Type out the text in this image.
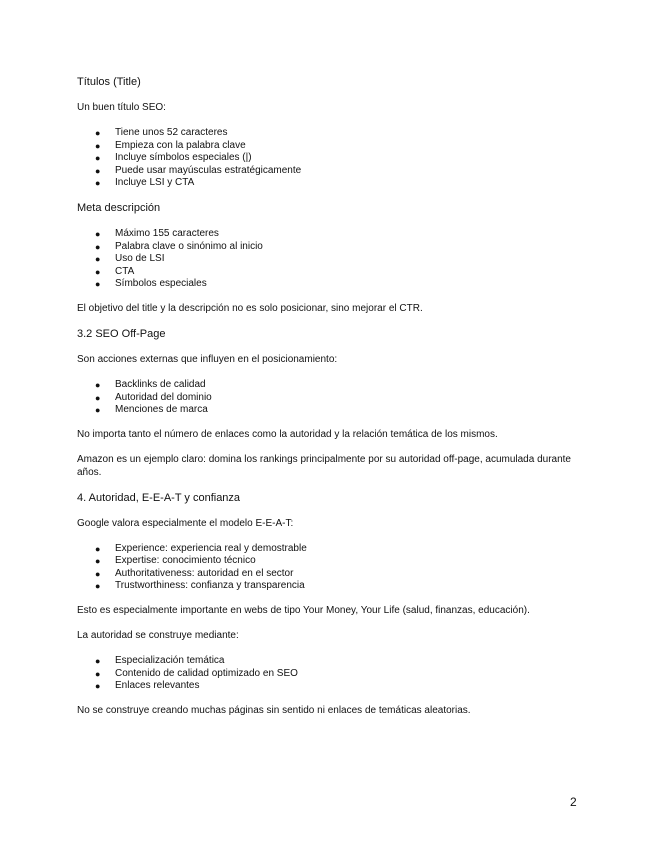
Títulos (Title)
Un buen título SEO:
● Tiene unos 52 caracteres
● Empieza con la palabra clave
● Incluye símbolos especiales (|)
● Puede usar mayúsculas estratégicamente
● Incluye LSI y CTA
Meta descripción
● Máximo 155 caracteres
● Palabra clave o sinónimo al inicio
● Uso de LSI
● CTA
● Símbolos especiales
El objetivo del title y la descripción no es solo posicionar, sino mejorar el CTR.
3.2 SEO Off-Page
Son acciones externas que influyen en el posicionamiento:
● Backlinks de calidad
● Autoridad del dominio
● Menciones de marca
No importa tanto el número de enlaces como la autoridad y la relación temática de los mismos.
Amazon es un ejemplo claro: domina los rankings principalmente por su autoridad off-page, acumulada durante años.
4. Autoridad, E-E-A-T y confianza
Google valora especialmente el modelo E-E-A-T:
● Experience: experiencia real y demostrable
● Expertise: conocimiento técnico
● Authoritativeness: autoridad en el sector
● Trustworthiness: confianza y transparencia
Esto es especialmente importante en webs de tipo Your Money, Your Life (salud, finanzas, educación).
La autoridad se construye mediante:
● Especialización temática
● Contenido de calidad optimizado en SEO
● Enlaces relevantes
No se construye creando muchas páginas sin sentido ni enlaces de temáticas aleatorias.
2
